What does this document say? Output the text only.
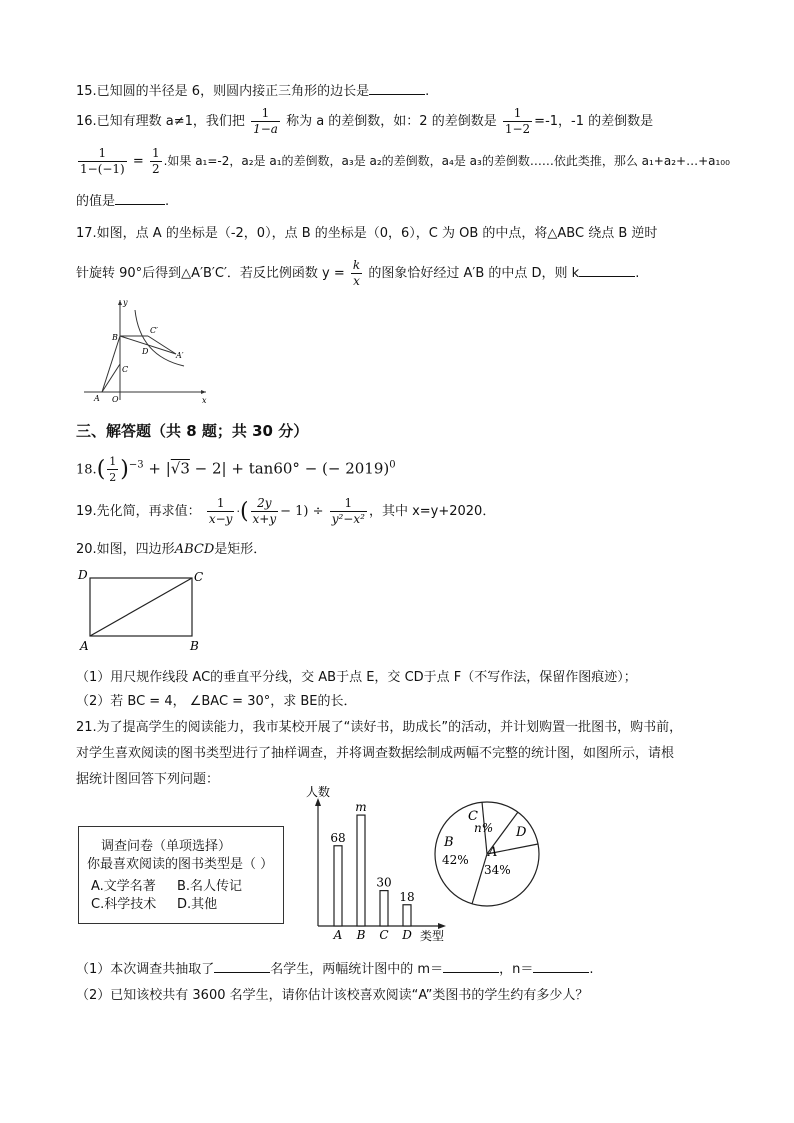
15.已知圆的半径是 6，则圆内接正三角形的边长是	.
16.已知有理数 a≠1，我们把 $\frac{1}{1-a}$ 称为 a 的差倒数，如：2 的差倒数是 $\frac{1}{1-2} =-1$，-1 的差倒数是
$\frac{1}{1-(-1)} = \frac{1}{2}$ .如果 a₁=-2，a₂是 a₁的差倒数，a₃是 a₂的差倒数，a₄是 a₃的差倒数……依此类推，那么 a₁+a₂+…+a₁₀₀
的值是	.
17.如图，点 A 的坐标是（-2，0），点 B 的坐标是（0，6），C 为 OB 的中点，将△ABC 绕点 B 逆时
针旋转 90°后得到△A′B′C′．若反比例函数 $y = \frac{k}{x}$ 的图象恰好经过 A′B 的中点 D，则 k	.
y
x
B
C
C′
D	A′
A O
三、解答题（共 8 题；共 30 分）
$18.( \frac{1}{2} )^{-3} + |√3 - 2| + \tan 60^\circ$ − (− 2019)$^0$
19.先化简，再求值： $\frac{1}{x-y}$ ·( $\frac{2y}{x+y} - 1) \div \frac{1}{\text{y²−x²}}$ ，其中 x=y+2020．
20.如图，四边形ABCD是矩形．
D	C
A	B
（1）用尺规作线段 AC的垂直平分线，交 AB于点 E，交 CD于点 F（不写作法，保留作图痕迹）；
（2）若 BC = 4， ∠BAC = 30°，求 BE的长．
21.为了提高学生的阅读能力，我市某校开展了“读好书，助成长”的活动，并计划购置一批图书，购书前，
对学生喜欢阅读的图书类型进行了抽样调查，并将调查数据绘制成两幅不完整的统计图，如图所示，请根
据统计图回答下列问题：
调查问卷（单项选择）
你最喜欢阅读的图书类型是（ ）
A.文学名著 B.名人传记
C.科学技术 D.其他
人数
类型
68
A
m
B
30
C
18
D
C
n% D
B
42% A
34%
（1）本次调查共抽取了	名学生，两幅统计图中的 m＝	，n＝	.
（2）已知该校共有 3600 名学生，请你估计该校喜欢阅读“A”类图书的学生约有多少人？
